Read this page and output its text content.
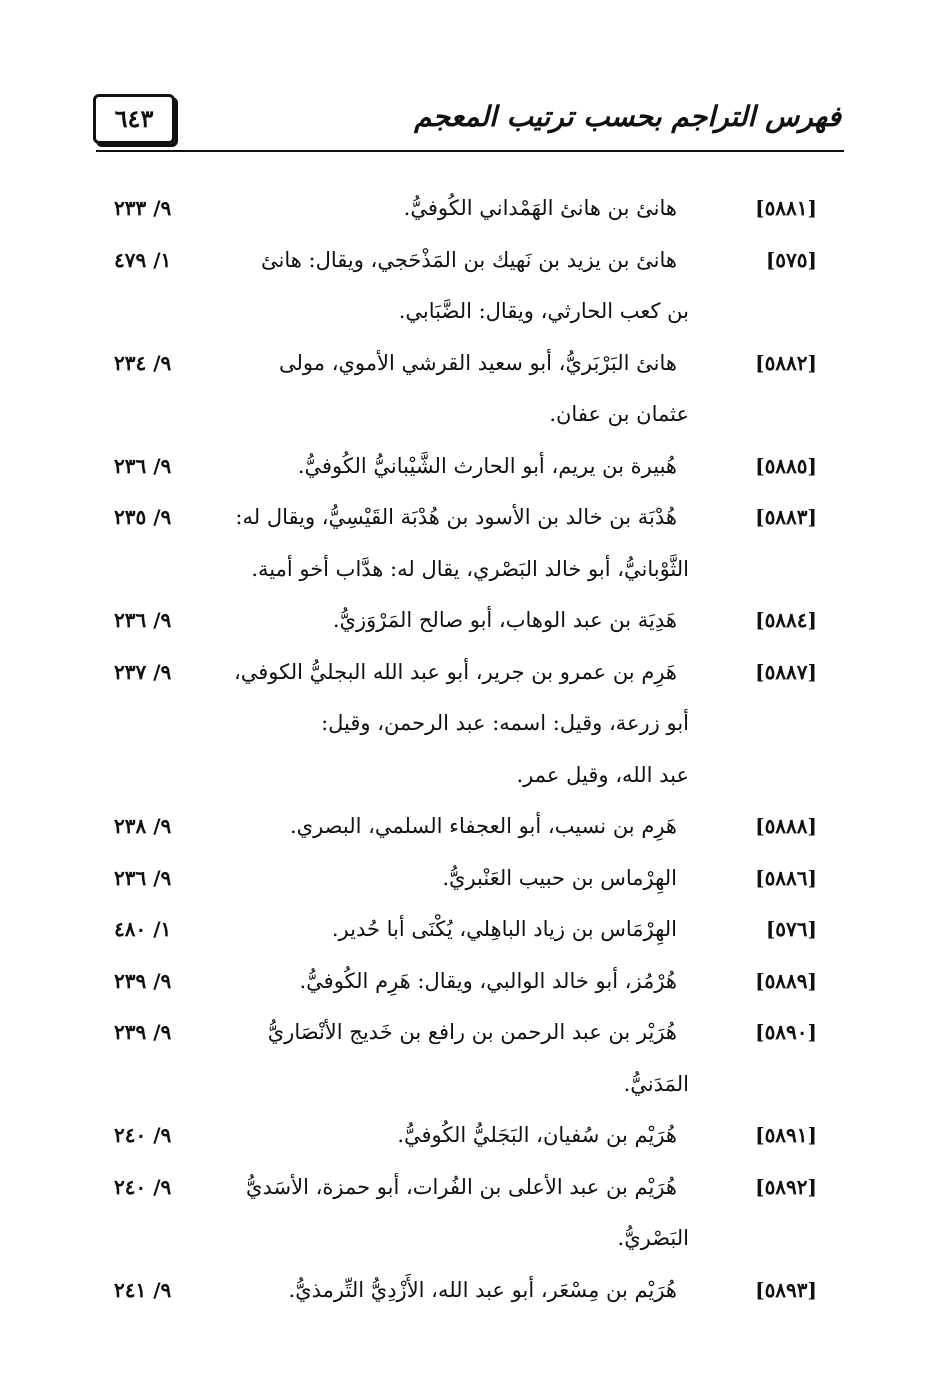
فهرس التراجم بحسب ترتيب المعجم
٦٤٣
[٥٨٨١]
٩/ ٢٣٣	هانئ بن هانئ الهَمْداني الكُوفيُّ.
[٥٧٥]
١/ ٤٧٩	هانئ بن يزيد بن نَهيك بن المَذْحَجي، ويقال: هانئ
بن كعب الحارثي، ويقال: الضَّبَابي.
[٥٨٨٢]
٩/ ٢٣٤	هانئ البَرْبَريُّ، أبو سعيد القرشي الأموي، مولى
عثمان بن عفان.
[٥٨٨٥]
٩/ ٢٣٦	هُبيرة بن يريم، أبو الحارث الشَّيْبانيُّ الكُوفيُّ.
[٥٨٨٣]
٩/ ٢٣٥	هُدْبَة بن خالد بن الأسود بن هُدْبَة القَيْسِيُّ، ويقال له:
الثَّوْبانيُّ، أبو خالد البَصْري، يقال له: هدَّاب أخو أمية.
[٥٨٨٤]
٩/ ٢٣٦	هَدِيَة بن عبد الوهاب، أبو صالح المَرْوَزيُّ.
[٥٨٨٧]
٩/ ٢٣٧	هَرِم بن عمرو بن جرير، أبو عبد الله البجليُّ الكوفي،
أبو زرعة، وقيل: اسمه: عبد الرحمن، وقيل:
عبد الله، وقيل عمر.
[٥٨٨٨]
٩/ ٢٣٨	هَرِم بن نسيب، أبو العجفاء السلمي، البصري.
[٥٨٨٦]
٩/ ٢٣٦	الهِرْماس بن حبيب العَنْبريُّ.
[٥٧٦]
١/ ٤٨٠	الهِرْمَاس بن زياد الباهِلي، يُكْنَى أبا حُدير.
[٥٨٨٩]
٩/ ٢٣٩	هُرْمُز، أبو خالد الوالبي، ويقال: هَرِم الكُوفيُّ.
[٥٨٩٠]
٩/ ٢٣٩	هُرَيْر بن عبد الرحمن بن رافع بن خَديج الأنْصَاريُّ
المَدَنيُّ.
[٥٨٩١]
٩/ ٢٤٠	هُرَيْم بن سُفيان، البَجَليُّ الكُوفيُّ.
[٥٨٩٢]
٩/ ٢٤٠	هُرَيْم بن عبد الأعلى بن الفُرات، أبو حمزة، الأسَديُّ
البَصْريُّ.
[٥٨٩٣]
٩/ ٢٤١	هُرَيْم بن مِسْعَر، أبو عبد الله، الأَزْدِيُّ التِّرمذيُّ.
